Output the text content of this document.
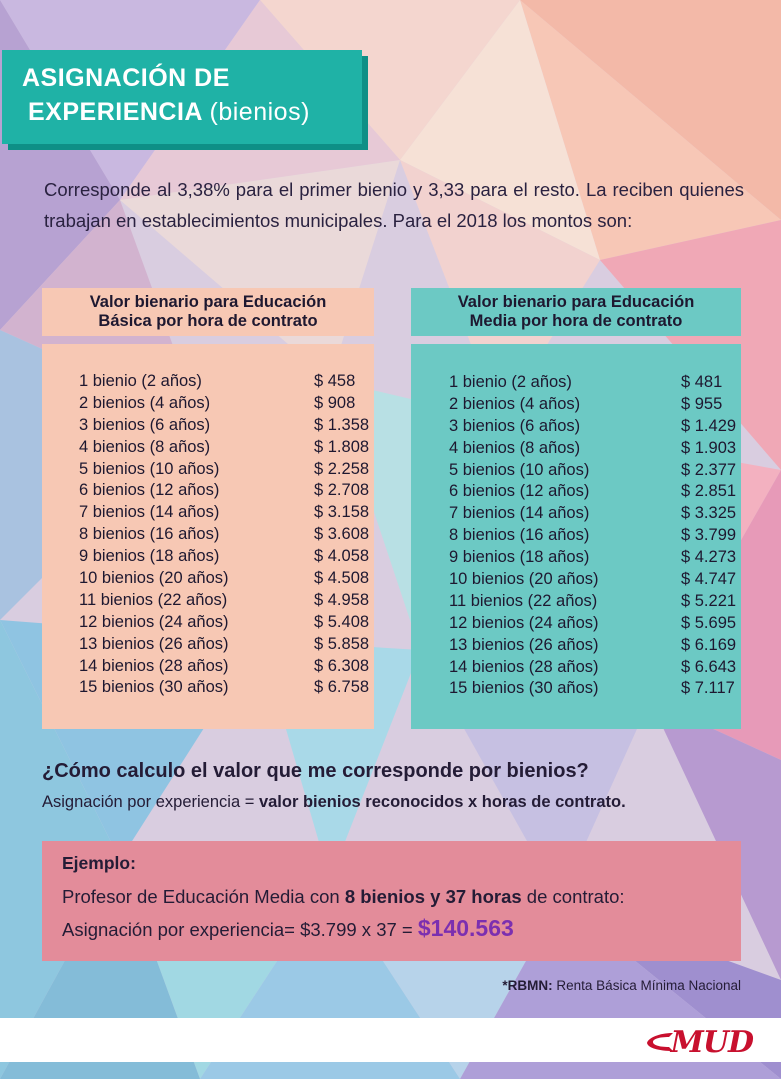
ASIGNACIÓN DE
EXPERIENCIA (bienios)
Corresponde al 3,38% para el primer bienio y 3,33 para el resto. La reciben quienes trabajan en establecimientos municipales. Para el 2018 los montos son:
Valor bienario para Educación
Básica por hora de contrato
Valor bienario para Educación
Media por hora de contrato
1 bienio (2 años)	$ 458
2 bienios (4 años)	$ 908
3 bienios (6 años)	$ 1.358
4 bienios (8 años)	$ 1.808
5 bienios (10 años)	$ 2.258
6 bienios (12 años)	$ 2.708
7 bienios (14 años)	$ 3.158
8 bienios (16 años)	$ 3.608
9 bienios (18 años)	$ 4.058
10 bienios (20 años)	$ 4.508
11 bienios (22 años)	$ 4.958
12 bienios (24 años)	$ 5.408
13 bienios (26 años)	$ 5.858
14 bienios (28 años)	$ 6.308
15 bienios (30 años)	$ 6.758
1 bienio (2 años)	$ 481
2 bienios (4 años)	$ 955
3 bienios (6 años)	$ 1.429
4 bienios (8 años)	$ 1.903
5 bienios (10 años)	$ 2.377
6 bienios (12 años)	$ 2.851
7 bienios (14 años)	$ 3.325
8 bienios (16 años)	$ 3.799
9 bienios (18 años)	$ 4.273
10 bienios (20 años)	$ 4.747
11 bienios (22 años)	$ 5.221
12 bienios (24 años)	$ 5.695
13 bienios (26 años)	$ 6.169
14 bienios (28 años)	$ 6.643
15 bienios (30 años)	$ 7.117
¿Cómo calculo el valor que me corresponde por bienios?
Asignación por experiencia = valor bienios reconocidos x horas de contrato.
Ejemplo:
Profesor de Educación Media con 8 bienios y 37 horas de contrato:
Asignación por experiencia= $3.799 x 37 = $140.563
*RBMN: Renta Básica Mínima Nacional
MUD
